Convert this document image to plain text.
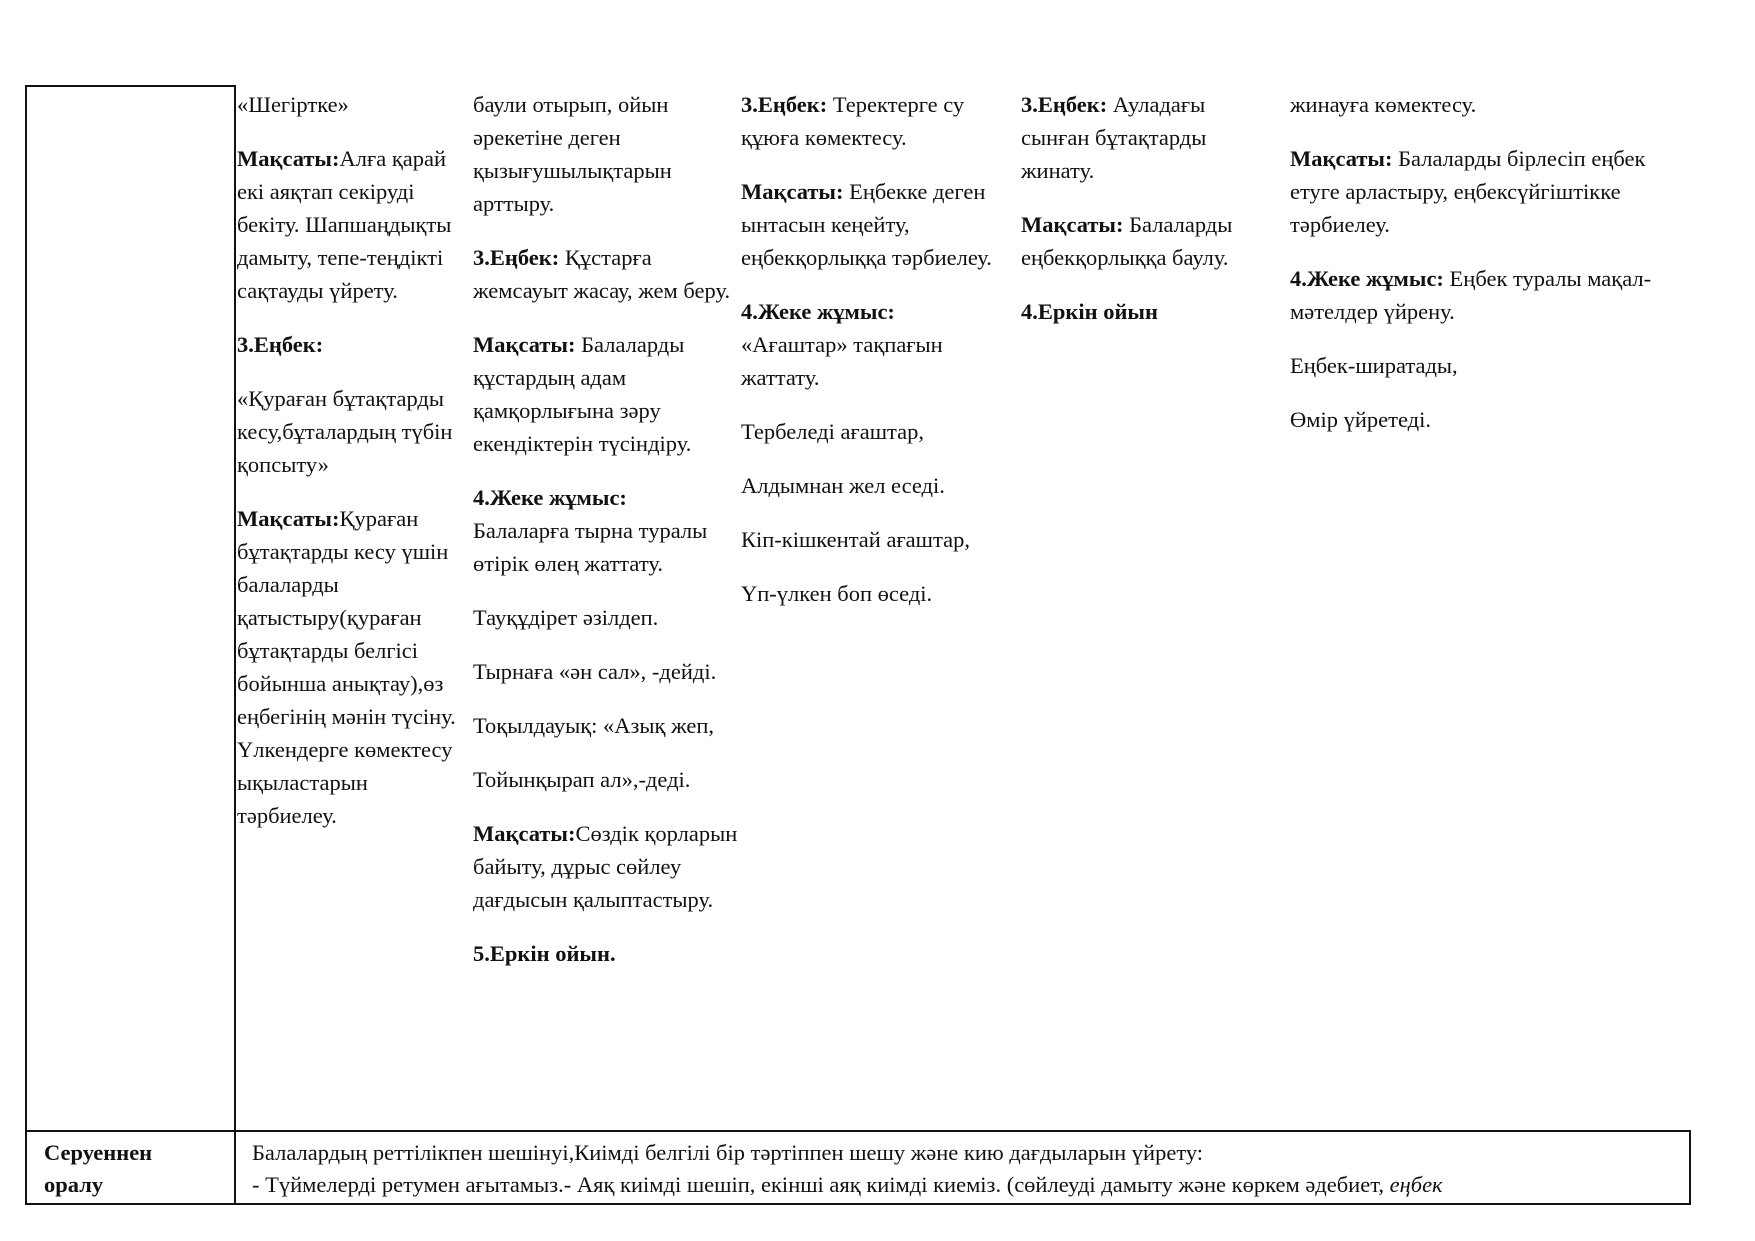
«Шегіртке»

Мақсаты:Алға қарай екі аяқтап секіруді бекіту. Шапшаңдықты дамыту, тепе-теңдікті сақтауды үйрету.

3.Еңбек:

«Қураған бұтақтарды кесу,бұталардың түбін қопсыту»

Мақсаты:Қураған бұтақтарды кесу үшін балаларды қатыстыру(қураған бұтақтарды белгісі бойынша анықтау),өз еңбегінің мәнін түсіну. Үлкендерге көмектесу ықыластарын тәрбиелеу.

баули отырып, ойын әрекетіне деген қызығушылықтарын арттыру.

3.Еңбек: Құстарға жемсауыт жасау, жем беру.

Мақсаты: Балаларды құстардың адам қамқорлығына зәру екендіктерін түсіндіру.

4.Жеке жұмыс:
Балаларға тырна туралы өтірік өлең жаттату.

Тауқұдірет әзілдеп.

Тырнаға «ән сал», -дейді.

Тоқылдауық: «Азық жеп,

Тойынқырап ал»,-деді.

Мақсаты:Сөздік қорларын байыту, дұрыс сөйлеу дағдысын қалыптастыру.

5.Еркін ойын.

3.Еңбек: Теректерге су құюға көмектесу.

Мақсаты: Еңбекке деген ынтасын кеңейту, еңбекқорлыққа тәрбиелеу.

4.Жеке жұмыс:
«Ағаштар» тақпағын жаттату.

Тербеледі ағаштар,

Алдымнан жел еседі.

Кіп-кішкентай ағаштар,

Үп-үлкен боп өседі.

3.Еңбек: Ауладағы сынған бұтақтарды жинату.

Мақсаты: Балаларды еңбекқорлыққа баулу.

4.Еркін ойын

жинауға көмектесу.

Мақсаты: Балаларды бірлесіп еңбек етуге арластыру, еңбексүйгіштікке тәрбиелеу.

4.Жеке жұмыс: Еңбек туралы мақал-мәтелдер үйрену.

Еңбек-ширатады,

Өмір үйретеді.

Серуеннен
оралу
Балалардың реттілікпен шешінуі,Киімді белгілі бір тәртіппен шешу және кию дағдыларын үйрету:
- Түймелерді ретумен ағытамыз.- Аяқ киімді шешіп, екінші аяқ киімді киеміз. (сөйлеуді дамыту және көркем әдебиет, еңбек
